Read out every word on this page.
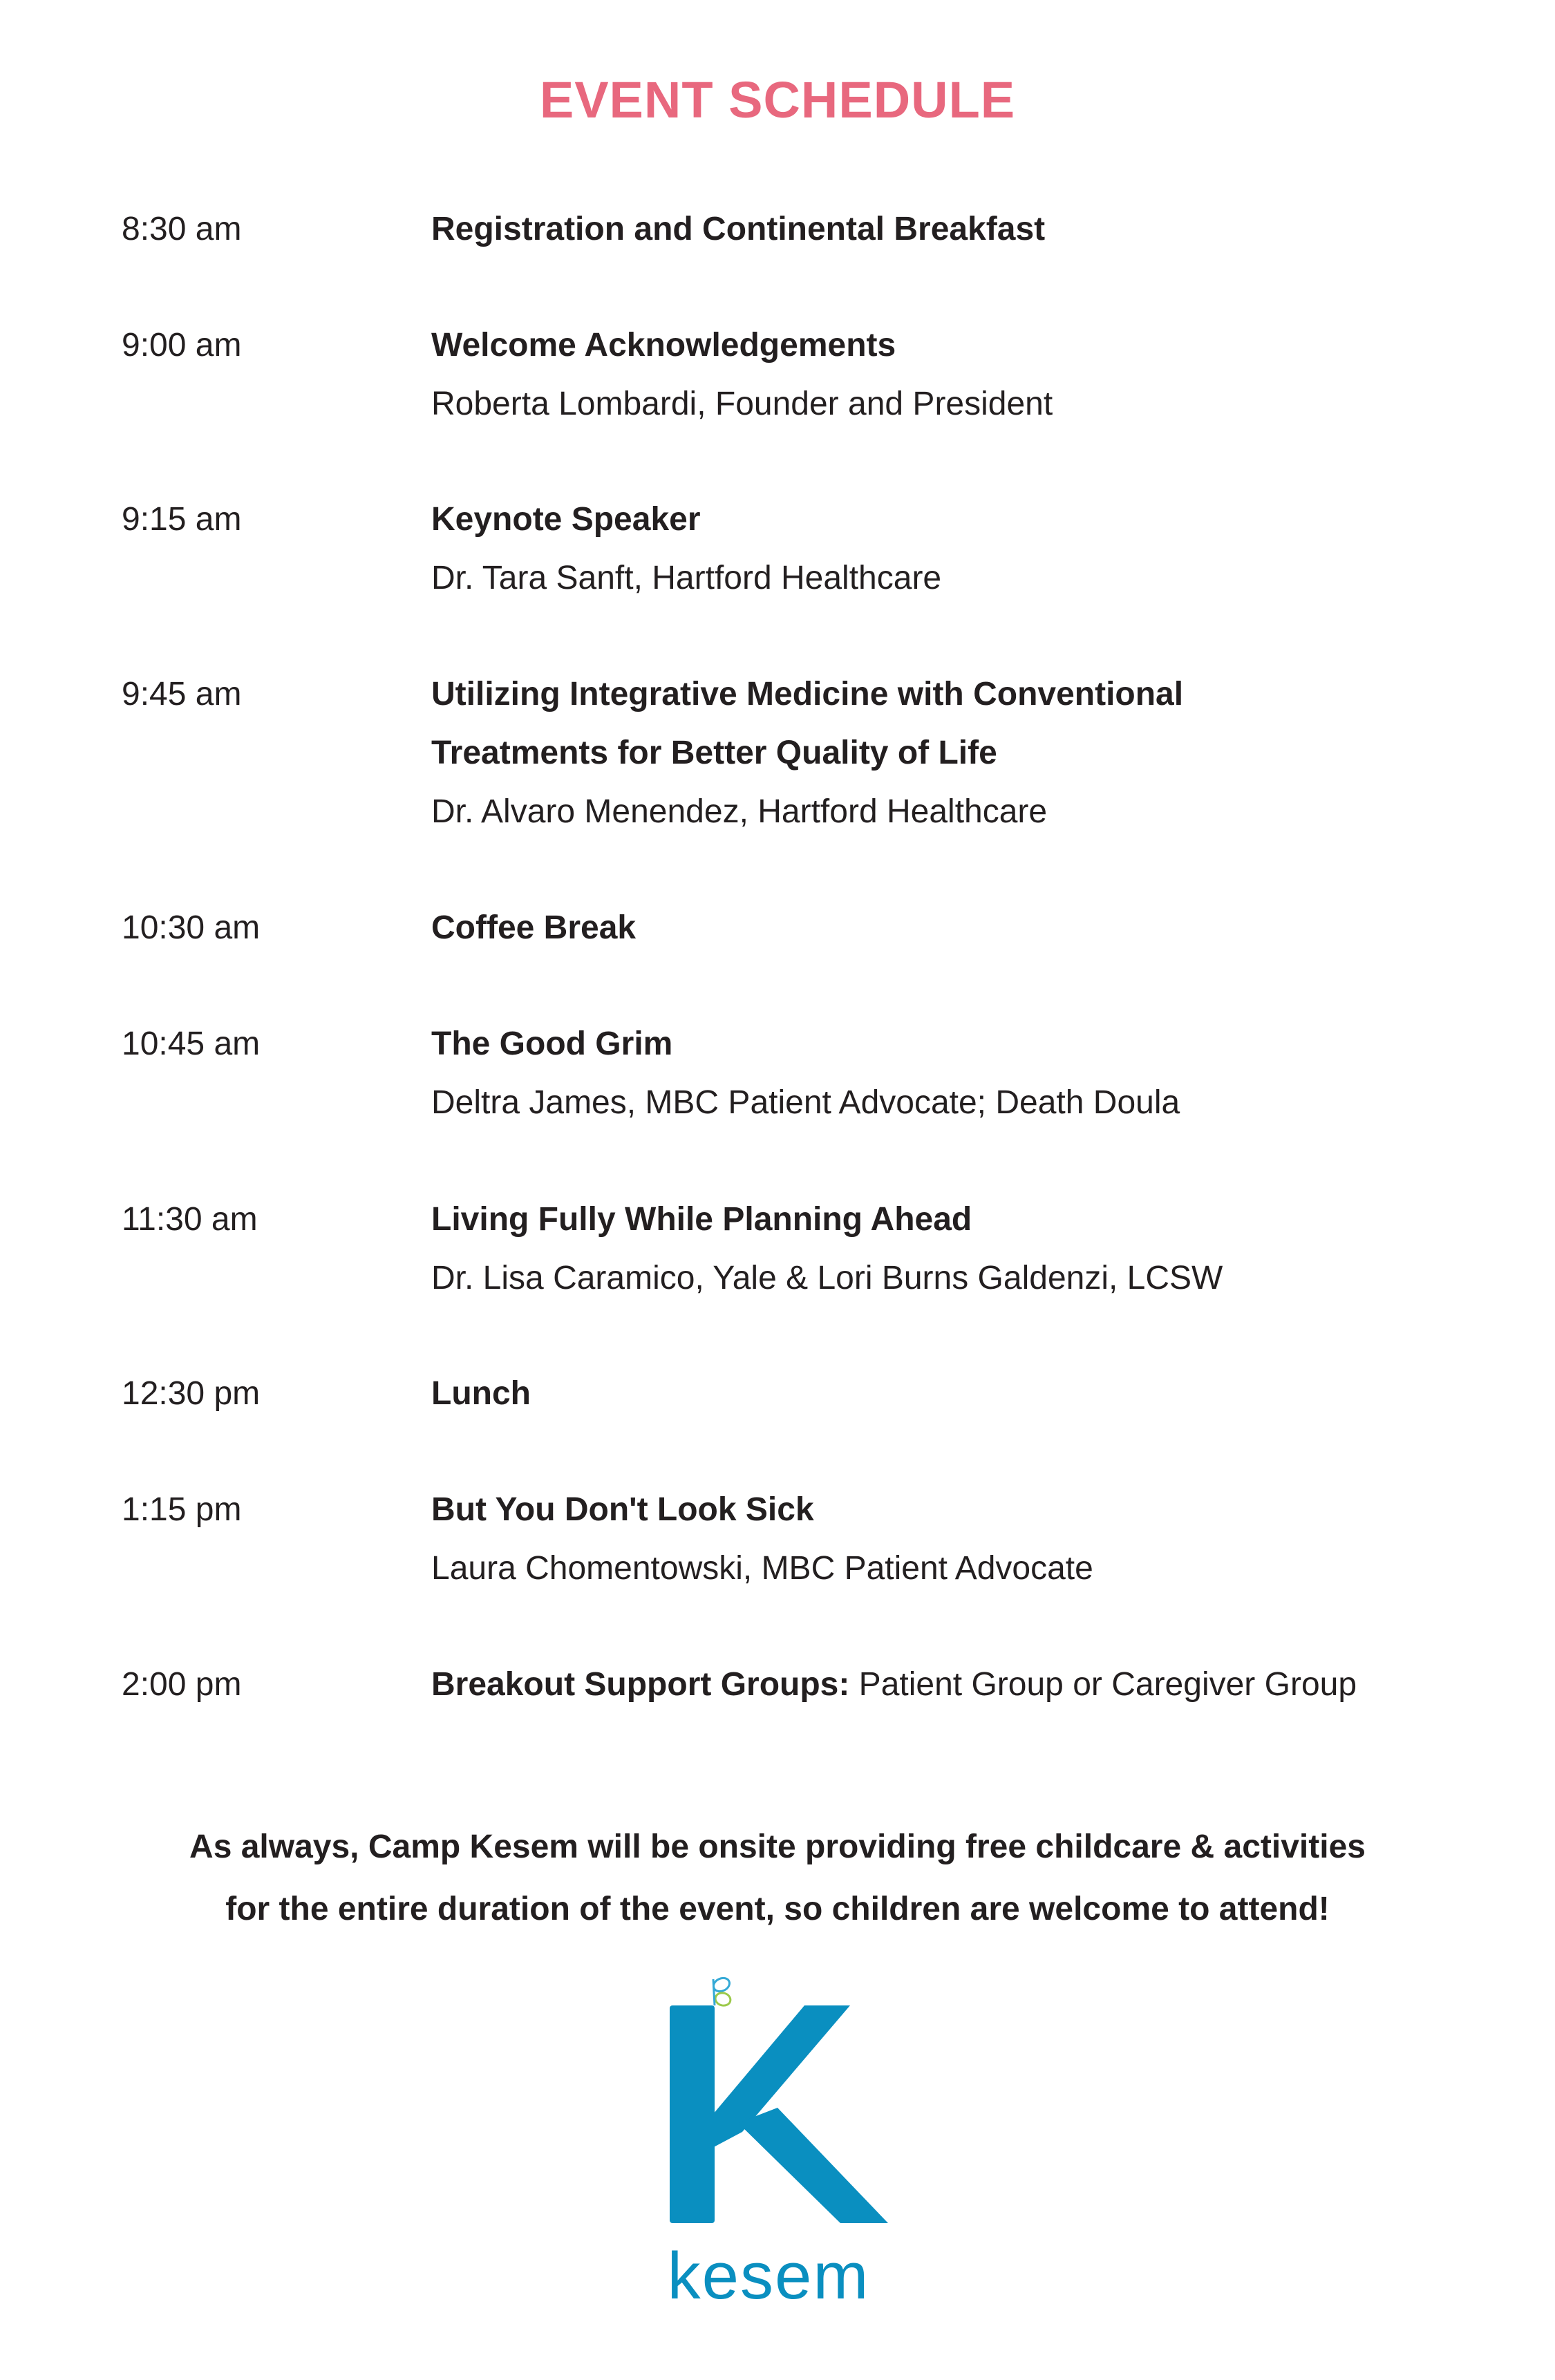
EVENT SCHEDULE
8:30 am	Registration and Continental Breakfast
9:00 am	Welcome Acknowledgements
Roberta Lombardi, Founder and President
9:15 am	Keynote Speaker
Dr. Tara Sanft, Hartford Healthcare
9:45 am	Utilizing Integrative Medicine with Conventional
Treatments for Better Quality of Life
Dr. Alvaro Menendez, Hartford Healthcare
10:30 am	Coffee Break
10:45 am	The Good Grim
Deltra James, MBC Patient Advocate; Death Doula
11:30 am	Living Fully While Planning Ahead
Dr. Lisa Caramico, Yale & Lori Burns Galdenzi, LCSW
12:30 pm	Lunch
1:15 pm	But You Don't Look Sick
Laura Chomentowski, MBC Patient Advocate
2:00 pm	Breakout Support Groups: Patient Group or Caregiver Group
As always, Camp Kesem will be onsite providing free childcare & activities
for the entire duration of the event, so children are welcome to attend!
kesem
